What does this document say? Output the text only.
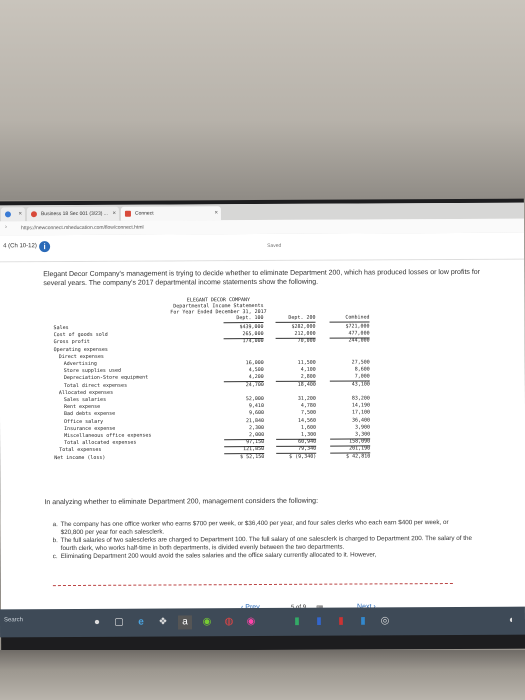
×	Business 18 Sec 001 (3/23) ... ×	Connect	×
›	https://newconnect.mheducation.com/flow/connect.html
4 (Ch 10-12) i	Saved
Elegant Decor Company's management is trying to decide whether to eliminate Department 200, which has produced losses or low profits for several years. The company's 2017 departmental income statements show the following.
ELEGANT DECOR COMPANY
Departmental Income Statements
For Year Ended December 31, 2017
Dept. 100	Dept. 200	Combined
Sales	$439,000	$282,000	$721,000
Cost of goods sold	265,000	212,000	477,000
Gross profit	174,000	70,000	244,000
Operating expenses
Direct expenses
Advertising	16,000	11,500	27,500
Store supplies used	4,500	4,100	8,600
Depreciation-Store equipment	4,200	2,800	7,000
Total direct expenses	24,700	18,400	43,100
Allocated expenses
Sales salaries	52,000	31,200	83,200
Rent expense	9,410	4,780	14,190
Bad debts expense	9,600	7,500	17,100
Office salary	21,840	14,560	36,400
Insurance expense	2,300	1,600	3,900
Miscellaneous office expenses	2,000	1,300	3,300
Total allocated expenses	97,150	60,940	158,090
Total expenses	121,850	79,340	201,190
Net income (loss)	$ 52,150	$ (9,340)	$ 42,810
In analyzing whether to eliminate Department 200, management considers the following:
a. The company has one office worker who earns $700 per week, or $36,400 per year, and four sales clerks who each earn $400 per week, or $20,800 per year for each salesclerk.
b. The full salaries of two salesclerks are charged to Department 100. The full salary of one salesclerk is charged to Department 200. The salary of the fourth clerk, who works half-time in both departments, is divided evenly between the two departments.
c. Eliminating Department 200 would avoid the sales salaries and the office salary currently allocated to it. However,
Search	●	▢	e	❖	a	◉ ◍ ◉	▮	▮	▮	▮	◎	◐
